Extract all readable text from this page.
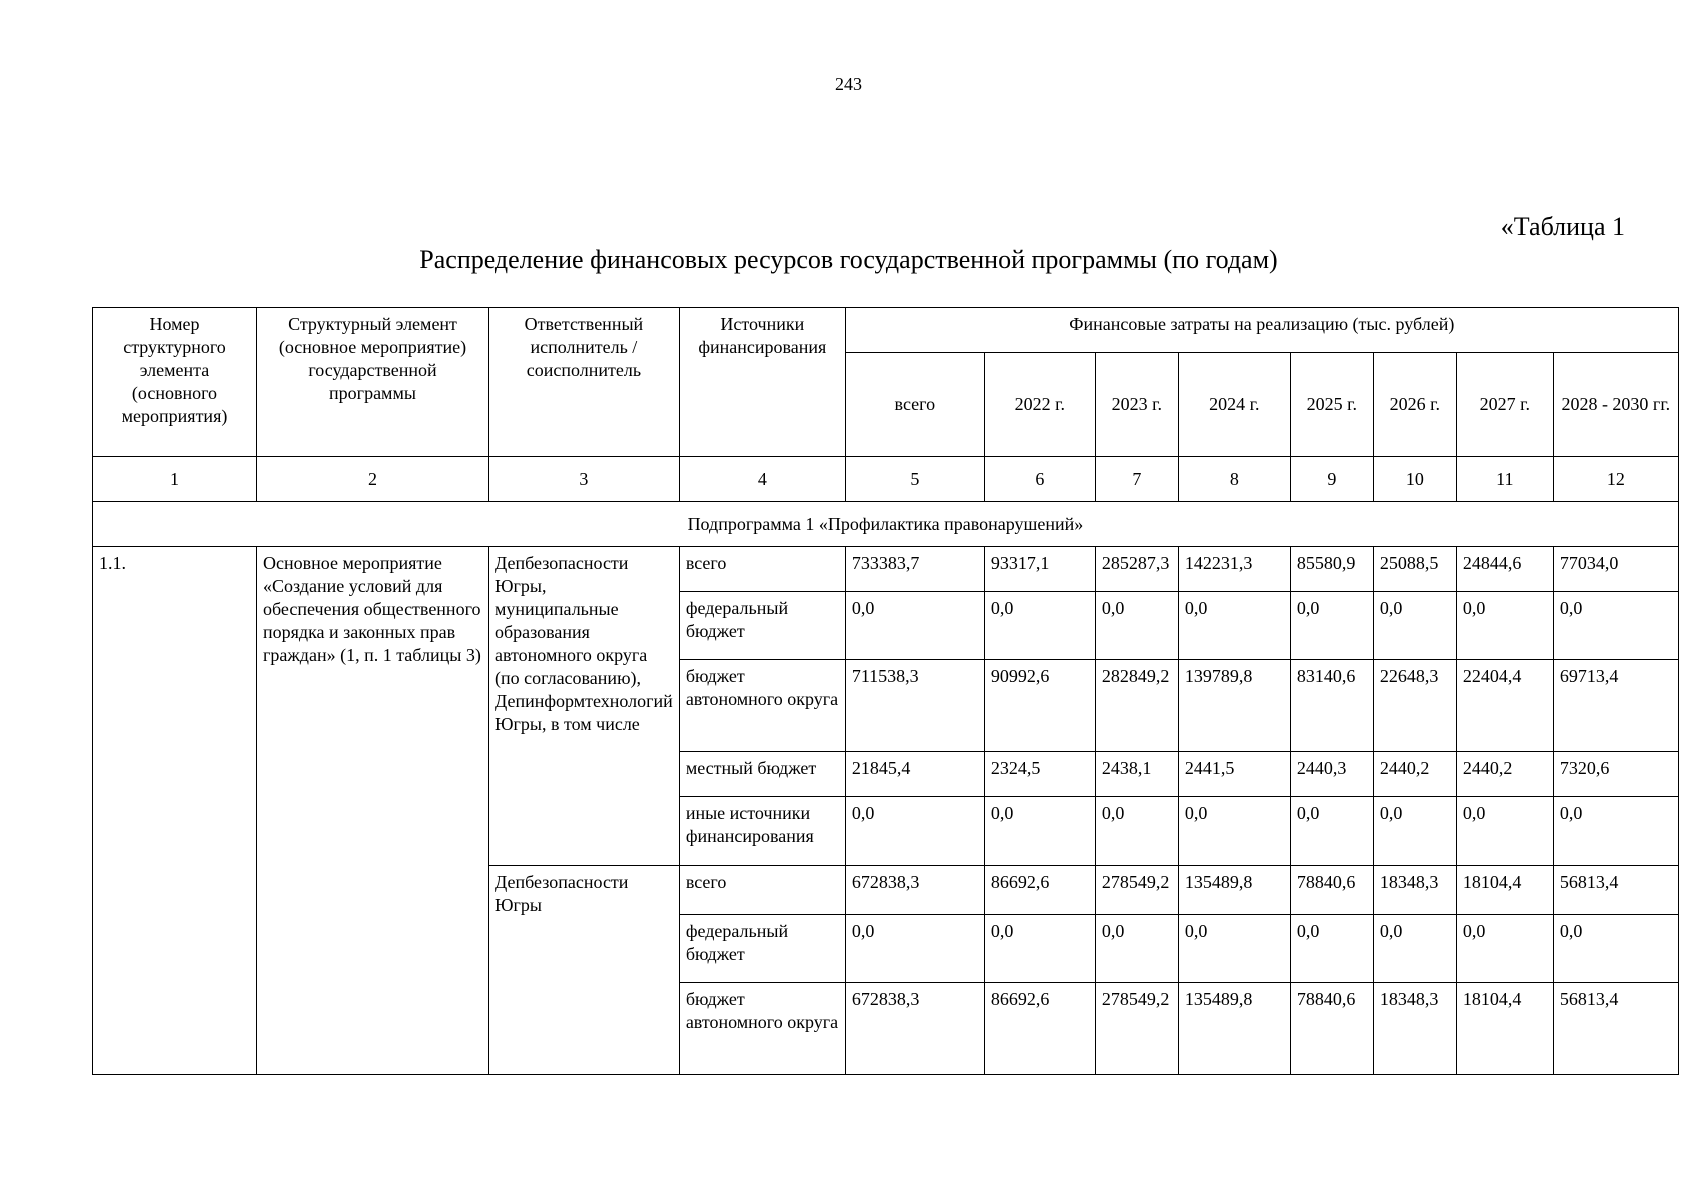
243
«Таблица 1
Распределение финансовых ресурсов государственной программы (по годам)
Номер структурного элемента (основного мероприятия)	Структурный элемент (основное мероприятие) государственной программы	Ответственный исполнитель / соисполнитель	Источники финансирования	Финансовые затраты на реализацию (тыс. рублей)							
				всего	2022 г.	2023 г.	2024 г.	2025 г.	2026 г.	2027 г.	2028 - 2030 гг.
1	2	3	4	5	6	7	8	9	10	11	12
Подпрограмма 1 «Профилактика правонарушений»											
1.1.	Основное мероприятие «Создание условий для обеспечения общественного порядка и законных прав граждан» (1, п. 1 таблицы 3)	Депбезопасности Югры, муниципальные образования автономного округа (по согласованию), Депинформтехнологий Югры, в том числе	всего	733383,7	93317,1	285287,3	142231,3	85580,9	25088,5	24844,6	77034,0
			федеральный бюджет	0,0	0,0	0,0	0,0	0,0	0,0	0,0	0,0
			бюджет автономного округа	711538,3	90992,6	282849,2	139789,8	83140,6	22648,3	22404,4	69713,4
			местный бюджет	21845,4	2324,5	2438,1	2441,5	2440,3	2440,2	2440,2	7320,6
			иные источники финансирования	0,0	0,0	0,0	0,0	0,0	0,0	0,0	0,0
		Депбезопасности Югры	всего	672838,3	86692,6	278549,2	135489,8	78840,6	18348,3	18104,4	56813,4
			федеральный бюджет	0,0	0,0	0,0	0,0	0,0	0,0	0,0	0,0
			бюджет автономного округа	672838,3	86692,6	278549,2	135489,8	78840,6	18348,3	18104,4	56813,4
